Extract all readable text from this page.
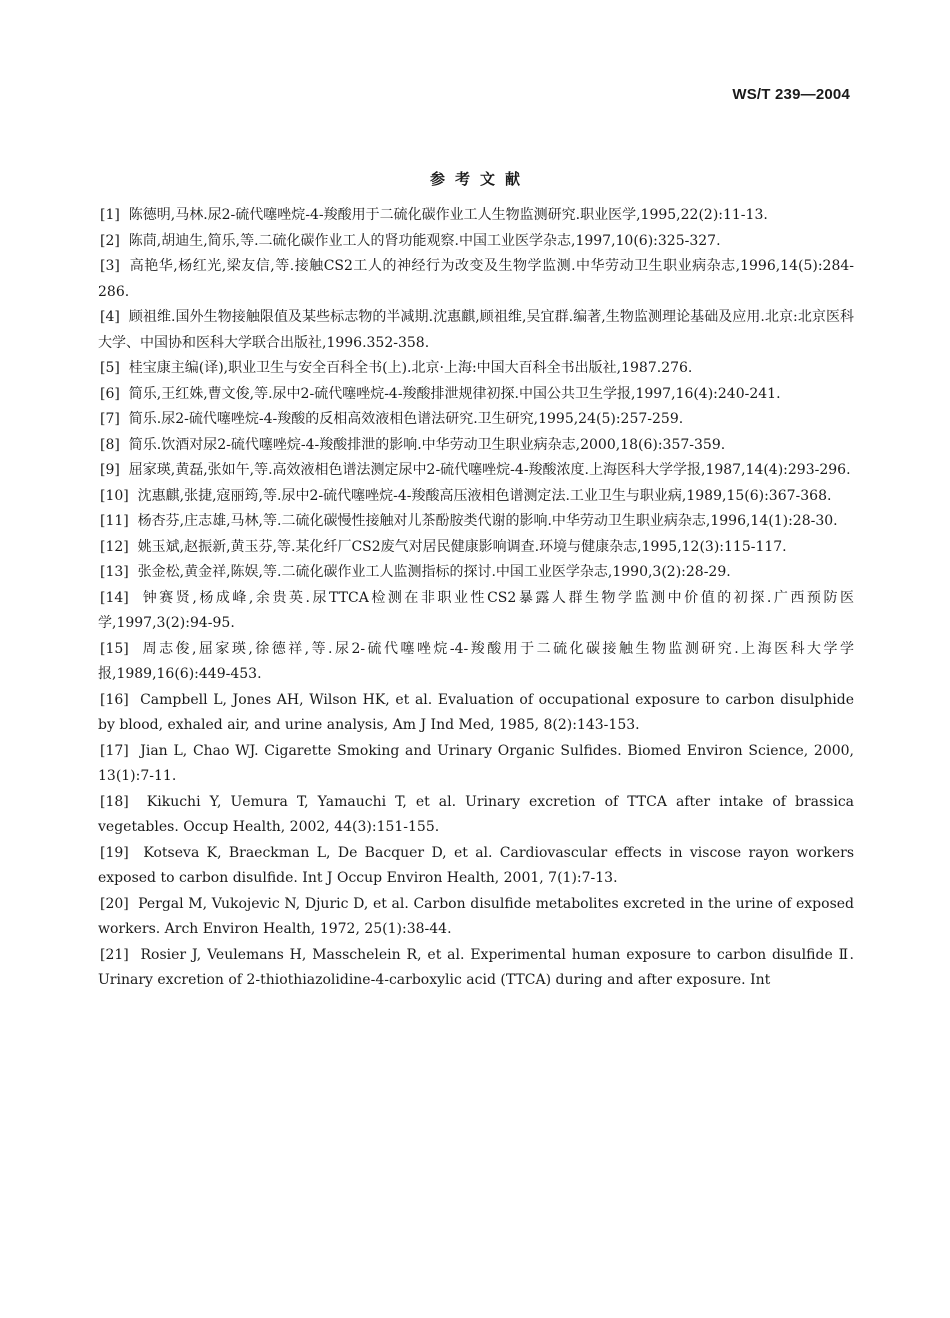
WS/T 239—2004
参考文献
[1] 陈德明,马林.尿2-硫代噻唑烷-4-羧酸用于二硫化碳作业工人生物监测研究.职业医学,1995,22(2):11-13.
[2] 陈茼,胡迪生,简乐,等.二硫化碳作业工人的肾功能观察.中国工业医学杂志,1997,10(6):325-327.
[3] 高艳华,杨红光,梁友信,等.接触CS2工人的神经行为改变及生物学监测.中华劳动卫生职业病杂志,1996,14(5):284-286.
[4] 顾祖维.国外生物接触限值及某些标志物的半减期.沈惠麒,顾祖维,吴宜群.编著,生物监测理论基础及应用.北京:北京医科大学、中国协和医科大学联合出版社,1996.352-358.
[5] 桂宝康主编(译),职业卫生与安全百科全书(上).北京·上海:中国大百科全书出版社,1987.276.
[6] 简乐,王红姝,曹文俊,等.尿中2-硫代噻唑烷-4-羧酸排泄规律初探.中国公共卫生学报,1997,16(4):240-241.
[7] 简乐.尿2-硫代噻唑烷-4-羧酸的反相高效液相色谱法研究.卫生研究,1995,24(5):257-259.
[8] 简乐.饮酒对尿2-硫代噻唑烷-4-羧酸排泄的影响.中华劳动卫生职业病杂志,2000,18(6):357-359.
[9] 屈家瑛,黄磊,张如午,等.高效液相色谱法测定尿中2-硫代噻唑烷-4-羧酸浓度.上海医科大学学报,1987,14(4):293-296.
[10] 沈惠麒,张捷,寇丽筠,等.尿中2-硫代噻唑烷-4-羧酸高压液相色谱测定法.工业卫生与职业病,1989,15(6):367-368.
[11] 杨杏芬,庄志雄,马林,等.二硫化碳慢性接触对儿茶酚胺类代谢的影响.中华劳动卫生职业病杂志,1996,14(1):28-30.
[12] 姚玉斌,赵振新,黄玉芬,等.某化纤厂CS2废气对居民健康影响调查.环境与健康杂志,1995,12(3):115-117.
[13] 张金松,黄金祥,陈娱,等.二硫化碳作业工人监测指标的探讨.中国工业医学杂志,1990,3(2):28-29.
[14] 钟赛贤,杨成峰,余贵英.尿TTCA检测在非职业性CS2暴露人群生物学监测中价值的初探.广西预防医学,1997,3(2):94-95.
[15] 周志俊,屈家瑛,徐德祥,等.尿2-硫代噻唑烷-4-羧酸用于二硫化碳接触生物监测研究.上海医科大学学报,1989,16(6):449-453.
[16] Campbell L, Jones AH, Wilson HK, et al. Evaluation of occupational exposure to carbon disulphide by blood, exhaled air, and urine analysis, Am J Ind Med, 1985, 8(2):143-153.
[17] Jian L, Chao WJ. Cigarette Smoking and Urinary Organic Sulfides. Biomed Environ Science, 2000, 13(1):7-11.
[18] Kikuchi Y, Uemura T, Yamauchi T, et al. Urinary excretion of TTCA after intake of brassica vegetables. Occup Health, 2002, 44(3):151-155.
[19] Kotseva K, Braeckman L, De Bacquer D, et al. Cardiovascular effects in viscose rayon workers exposed to carbon disulfide. Int J Occup Environ Health, 2001, 7(1):7-13.
[20] Pergal M, Vukojevic N, Djuric D, et al. Carbon disulfide metabolites excreted in the urine of exposed workers. Arch Environ Health, 1972, 25(1):38-44.
[21] Rosier J, Veulemans H, Masschelein R, et al. Experimental human exposure to carbon disulfide Ⅱ. Urinary excretion of 2-thiothiazolidine-4-carboxylic acid (TTCA) during and after exposure. Int
